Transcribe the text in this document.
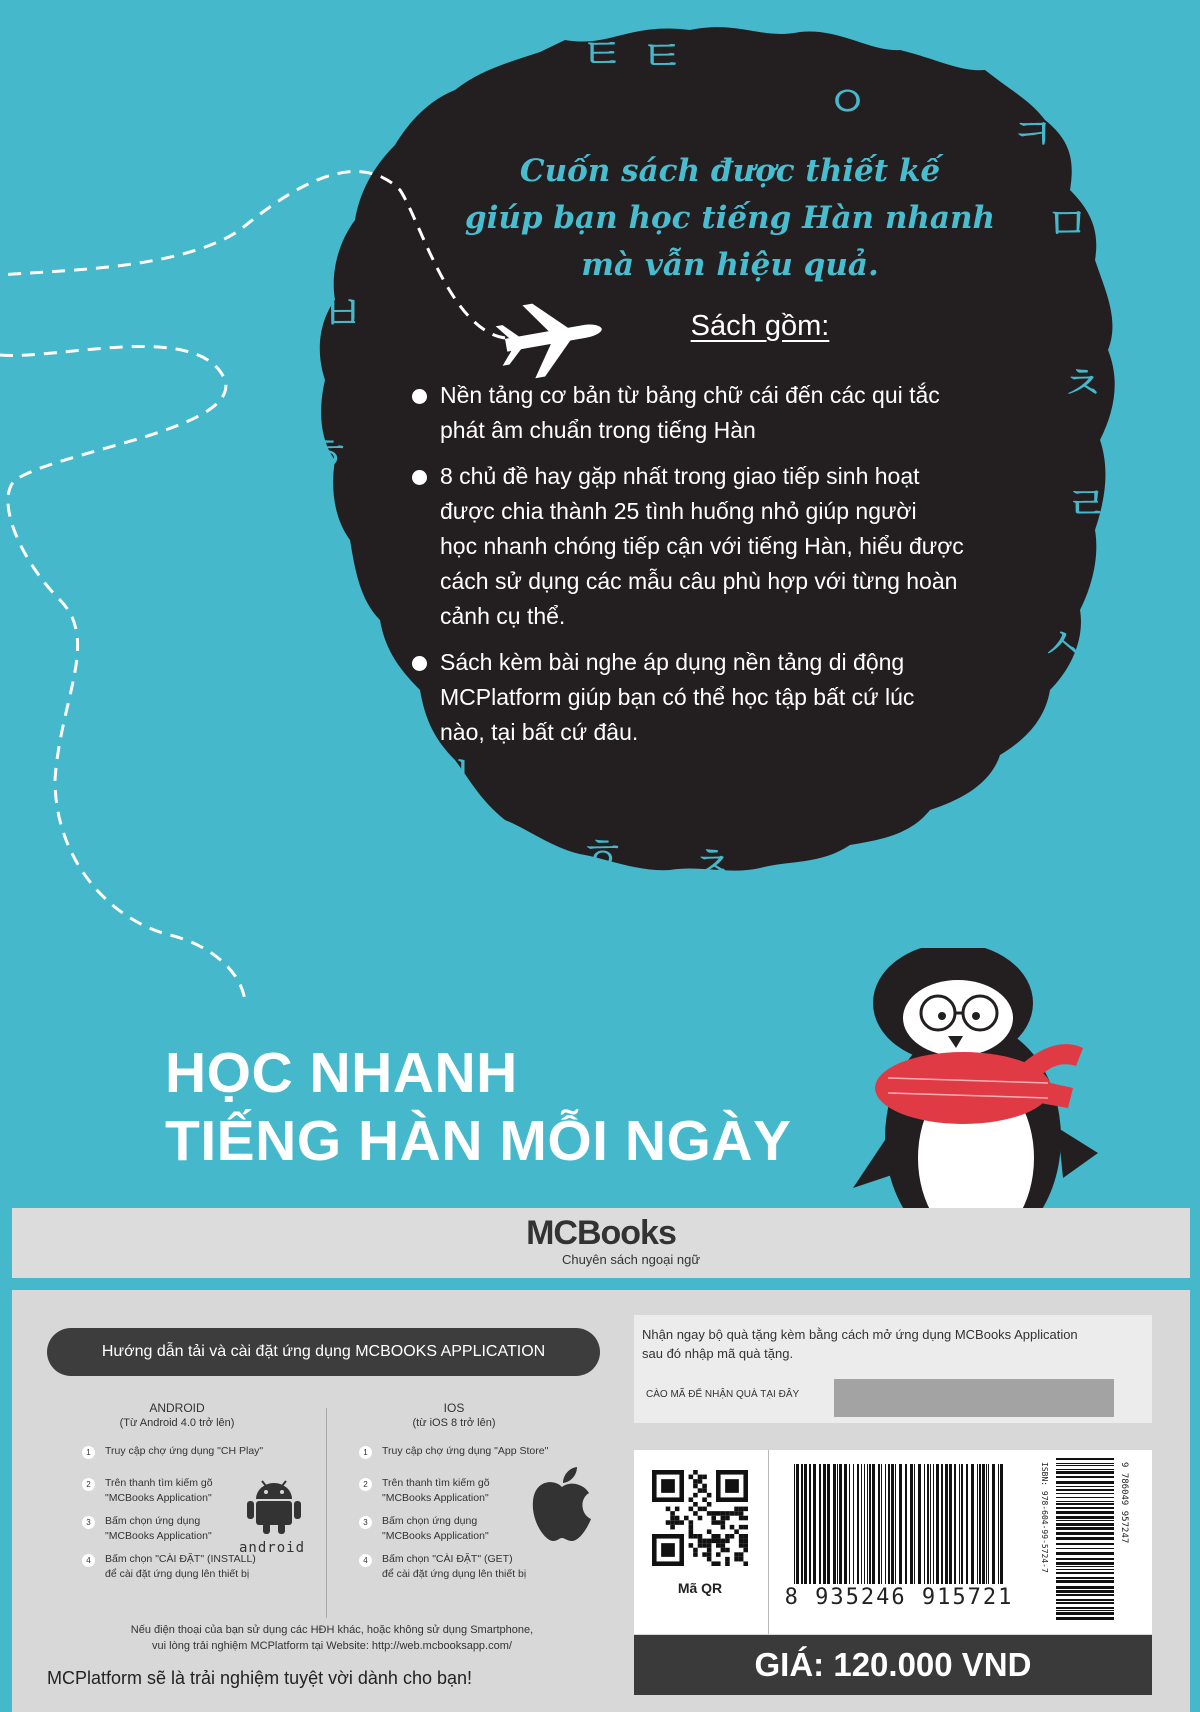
ㅌ ㅌ
ㅇ
ㅋ
ㅁ
ㅊ
ㄹ
ㅅ
ㅎ ㅊ
ㅂ
ㅎ
ㅍ
ㅂ
Cuốn sách được thiết kế
giúp bạn học tiếng Hàn nhanh
mà vẫn hiệu quả.
Sách gồm:
Nền tảng cơ bản từ bảng chữ cái đến các qui tắc
phát âm chuẩn trong tiếng Hàn
8 chủ đề hay gặp nhất trong giao tiếp sinh hoạt
được chia thành 25 tình huống nhỏ giúp người
học nhanh chóng tiếp cận với tiếng Hàn, hiểu được
cách sử dụng các mẫu câu phù hợp với từng hoàn
cảnh cụ thể.
Sách kèm bài nghe áp dụng nền tảng di động
MCPlatform giúp bạn có thể học tập bất cứ lúc
nào, tại bất cứ đâu.
HỌC NHANH
TIẾNG HÀN MỖI NGÀY
MCBooks
Chuyên sách ngoại ngữ
Hướng dẫn tải và cài đặt ứng dụng MCBOOKS APPLICATION
ANDROID
(Từ Android 4.0 trở lên)
1	Truy cập chợ ứng dụng "CH Play"
2	Trên thanh tìm kiếm gõ
"MCBooks Application"
3	Bấm chọn ứng dụng
"MCBooks Application"
4	Bấm chọn "CÀI ĐẶT" (INSTALL)
để cài đặt ứng dụng lên thiết bị
android
IOS
(từ iOS 8 trở lên)
1	Truy cập chợ ứng dụng "App Store"
2	Trên thanh tìm kiếm gõ
"MCBooks Application"
3	Bấm chọn ứng dụng
"MCBooks Application"
4	Bấm chọn "CÀI ĐẶT" (GET)
để cài đặt ứng dụng lên thiết bị
Nếu điện thoại của bạn sử dụng các HĐH khác, hoặc không sử dụng Smartphone,
vui lòng trải nghiệm MCPlatform tại Website: http://web.mcbooksapp.com/
MCPlatform sẽ là trải nghiệm tuyệt vời dành cho bạn!
Nhận ngay bộ quà tặng kèm bằng cách mở ứng dụng MCBooks Application
sau đó nhập mã quà tặng.
CÀO MÃ ĐỂ NHẬN QUÀ TẠI ĐÂY
Mã QR	8 935246 915721
ISBN: 978-604-99-5724-7	9 786049 957247
GIÁ: 120.000 VND
